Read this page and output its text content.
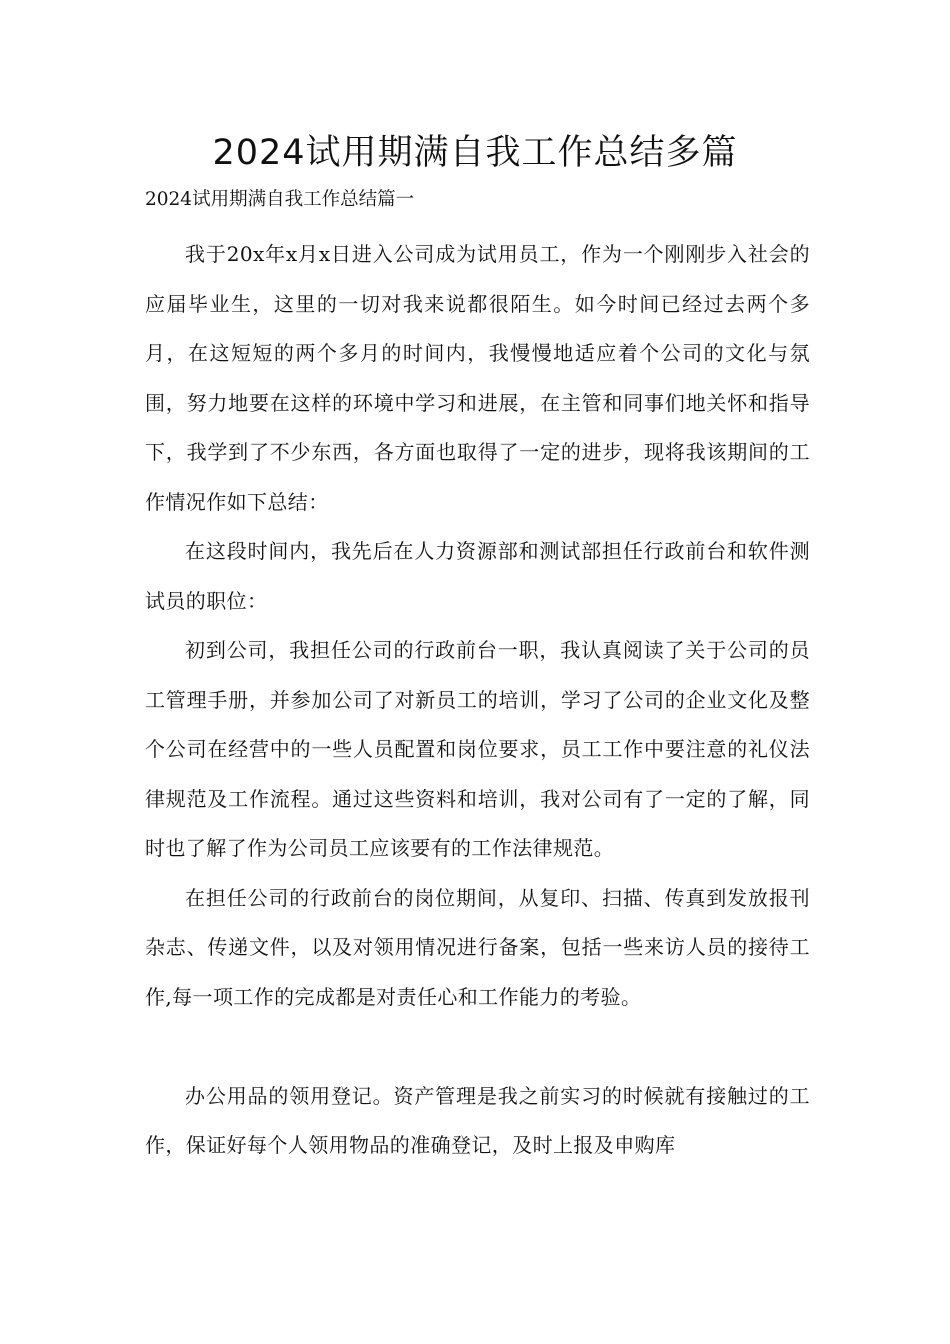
2024试用期满自我工作总结多篇

2024试用期满自我工作总结篇一

我于20x年x月x日进入公司成为试用员工，作为一个刚刚步入社会的应届毕业生，这里的一切对我来说都很陌生。如今时间已经过去两个多月，在这短短的两个多月的时间内，我慢慢地适应着个公司的文化与氛围，努力地要在这样的环境中学习和进展，在主管和同事们地关怀和指导下，我学到了不少东西，各方面也取得了一定的进步，现将我该期间的工作情况作如下总结：

在这段时间内，我先后在人力资源部和测试部担任行政前台和软件测试员的职位：

初到公司，我担任公司的行政前台一职，我认真阅读了关于公司的员工管理手册，并参加公司了对新员工的培训，学习了公司的企业文化及整个公司在经营中的一些人员配置和岗位要求，员工工作中要注意的礼仪法律规范及工作流程。通过这些资料和培训，我对公司有了一定的了解，同时也了解了作为公司员工应该要有的工作法律规范。

在担任公司的行政前台的岗位期间，从复印、扫描、传真到发放报刊杂志、传递文件，以及对领用情况进行备案，包括一些来访人员的接待工作,每一项工作的完成都是对责任心和工作能力的考验。

办公用品的领用登记。资产管理是我之前实习的时候就有接触过的工作，保证好每个人领用物品的准确登记，及时上报及申购库
